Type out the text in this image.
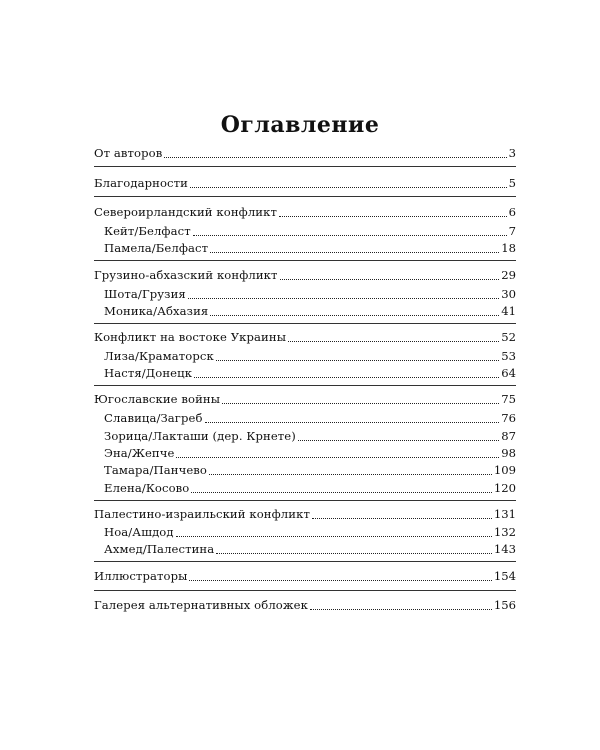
Оглавление
От авторов	3
Благодарности	5
Североирландский конфликт	6
Кейт/Белфаст	7
Памела/Белфаст	18
Грузино-абхазский конфликт	29
Шота/Грузия	30
Моника/Абхазия	41
Конфликт на востоке Украины	52
Лиза/Краматорск	53
Настя/Донецк	64
Югославские войны	75
Славица/Загреб	76
Зорица/Лакташи (дер. Крнете)	87
Эна/Жепче	98
Тамара/Панчево	109
Елена/Косово	120
Палестино-израильский конфликт	131
Ноа/Ашдод	132
Ахмед/Палестина	143
Иллюстраторы	154
Галерея альтернативных обложек	156
